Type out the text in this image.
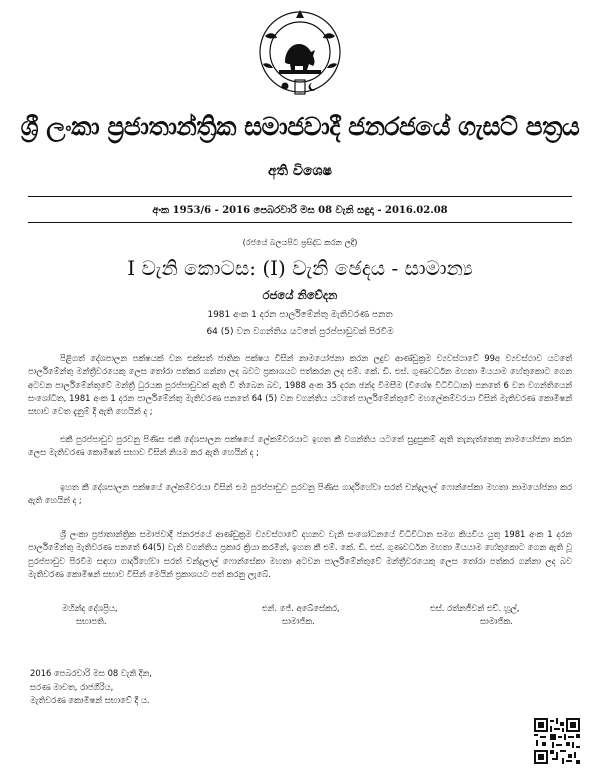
ශ්‍රී ලංකා ප්‍රජාතාන්ත්‍රික සමාජවාදී ජනරජයේ ගැසට් පත්‍රය
අති විශෙෂ
අංක 1953/6 - 2016 පෙබරවාරි මස 08 වැනි සඳුදා - 2016.02.08
(රජයේ බලයපිට ප්‍රසිද්ධ කරන ලදී)
I වැනි කොටස: (I) වැනි ඡෙදය - සාමාන්‍ය
රජයේ නිවේදන
1981 අංක 1 දරන පාර්ලිමේන්තු මැතිවරණ පනත
64 (5) වන වගන්තිය යටතේ පුරප්පාඩුවක් පිරවීම

පිළිගත් දේශපාලන පක්ෂයක් වන එක්සත් ජාතික පක්ෂය විසින් නාමයෝජනා කරන ලදුව ආණ්ඩුක්‍රම ව්‍යවස්ථාවේ 99අ ව්‍යවස්ථාව යටතේ පාර්ලිමේන්තු මන්ත්‍රීවරයෙකු ලෙස තෝරා පත්කර ගන්නා ලද බවට ප්‍රකාශයට පත්කරන ලද එම්. කේ. ඩී. එස්. ගුණවර්ධන මහතා මියයාම හේතුකොට ගෙන අටවන පාර්ලිමේන්තුවේ මන්ත්‍රී ධුරයක පුරප්පාඩුවක් ඇති වී තිබෙන බව, 1988 අංක 35 දරන ඡන්ද විමසීම (විශේෂ විධිවිධාන) පනතේ 6 වන වගන්තියෙන් සංශෝධිත, 1981 අංක 1 දරන පාර්ලිමේන්තු මැතිවරණ පනතේ 64 (5) වන වගන්තිය යටතේ පාර්ලිමේන්තුවේ මහලේකම්වරයා විසින් මැතිවරණ කොමිෂන් සභාව වෙත දැනුම් දී ඇති හෙයින් ද ;

එකී පුරප්පාඩුව පුරවනු පිණිස එකී දේශපාලන පක්ෂයේ ලේකම්වරයාට ඉහත කී වගන්තිය යටතේ සුදුසුකම් ඇති තැනැත්තෙකු නාමයෝජනා කරන ලෙස මැතිවරණ කොමිෂන් සභාව විසින් නියම කර ඇති හෙයින් ද ;

ඉහත කී දේශපාලන පක්ෂයේ ලේකම්වරයා විසින් එම පුරප්පාඩුව පුරවනු පිණිස ගාර්දිහේවා සරත් චන්ද්‍රලාල් ෆොන්සේකා මහතා නාමයෝජනා කර ඇති හෙයින් ද ;

ශ්‍රී ලංකා ප්‍රජාතාන්ත්‍රික සමාජවාදී ජනරජයේ ආණ්ඩුක්‍රම ව්‍යවස්ථාවේ දහනව වැනි සංශෝධනයේ විධිවිධාන සමග කියවිය යුතු 1981 අංක 1 දරන පාර්ලිමේන්තු මැතිවරණ පනතේ 64(5) වැනි වගන්තිය ප්‍රකාර ක්‍රියා කරමින්, ඉහත කී එම්. කේ. ඩී. එස්. ගුණවර්ධන මහතා මියයාම හේතුකොට ගෙන ඇති වූ පුරප්පාඩුව පිරවීම සඳහා ගාර්දිහේවා සරත් චන්ද්‍රලාල් ෆොන්සේකා මහතා අටවන පාර්ලිමේන්තුවේ මන්ත්‍රීවරයෙකු ලෙස තෝරා පත්කර ගන්නා ලද බව මැතිවරණ කොමිෂන් සභාව විසින් මෙයින් ප්‍රකාශයට පත් කරනු ලැබේ.

මහින්ද දේශප්‍රිය,
සභාපති.
එන්. ජේ. අබේසේකර,
සාමාජික.
එස්. රත්නජීවන් එච්. හූල්,
සාමාජික.
2016 පෙබරවාරි මස 08 වැනි දින,
සරණ මාවත, රාජගිරිය,
මැතිවරණ කොමිෂන් සභාවේ දී ය.
